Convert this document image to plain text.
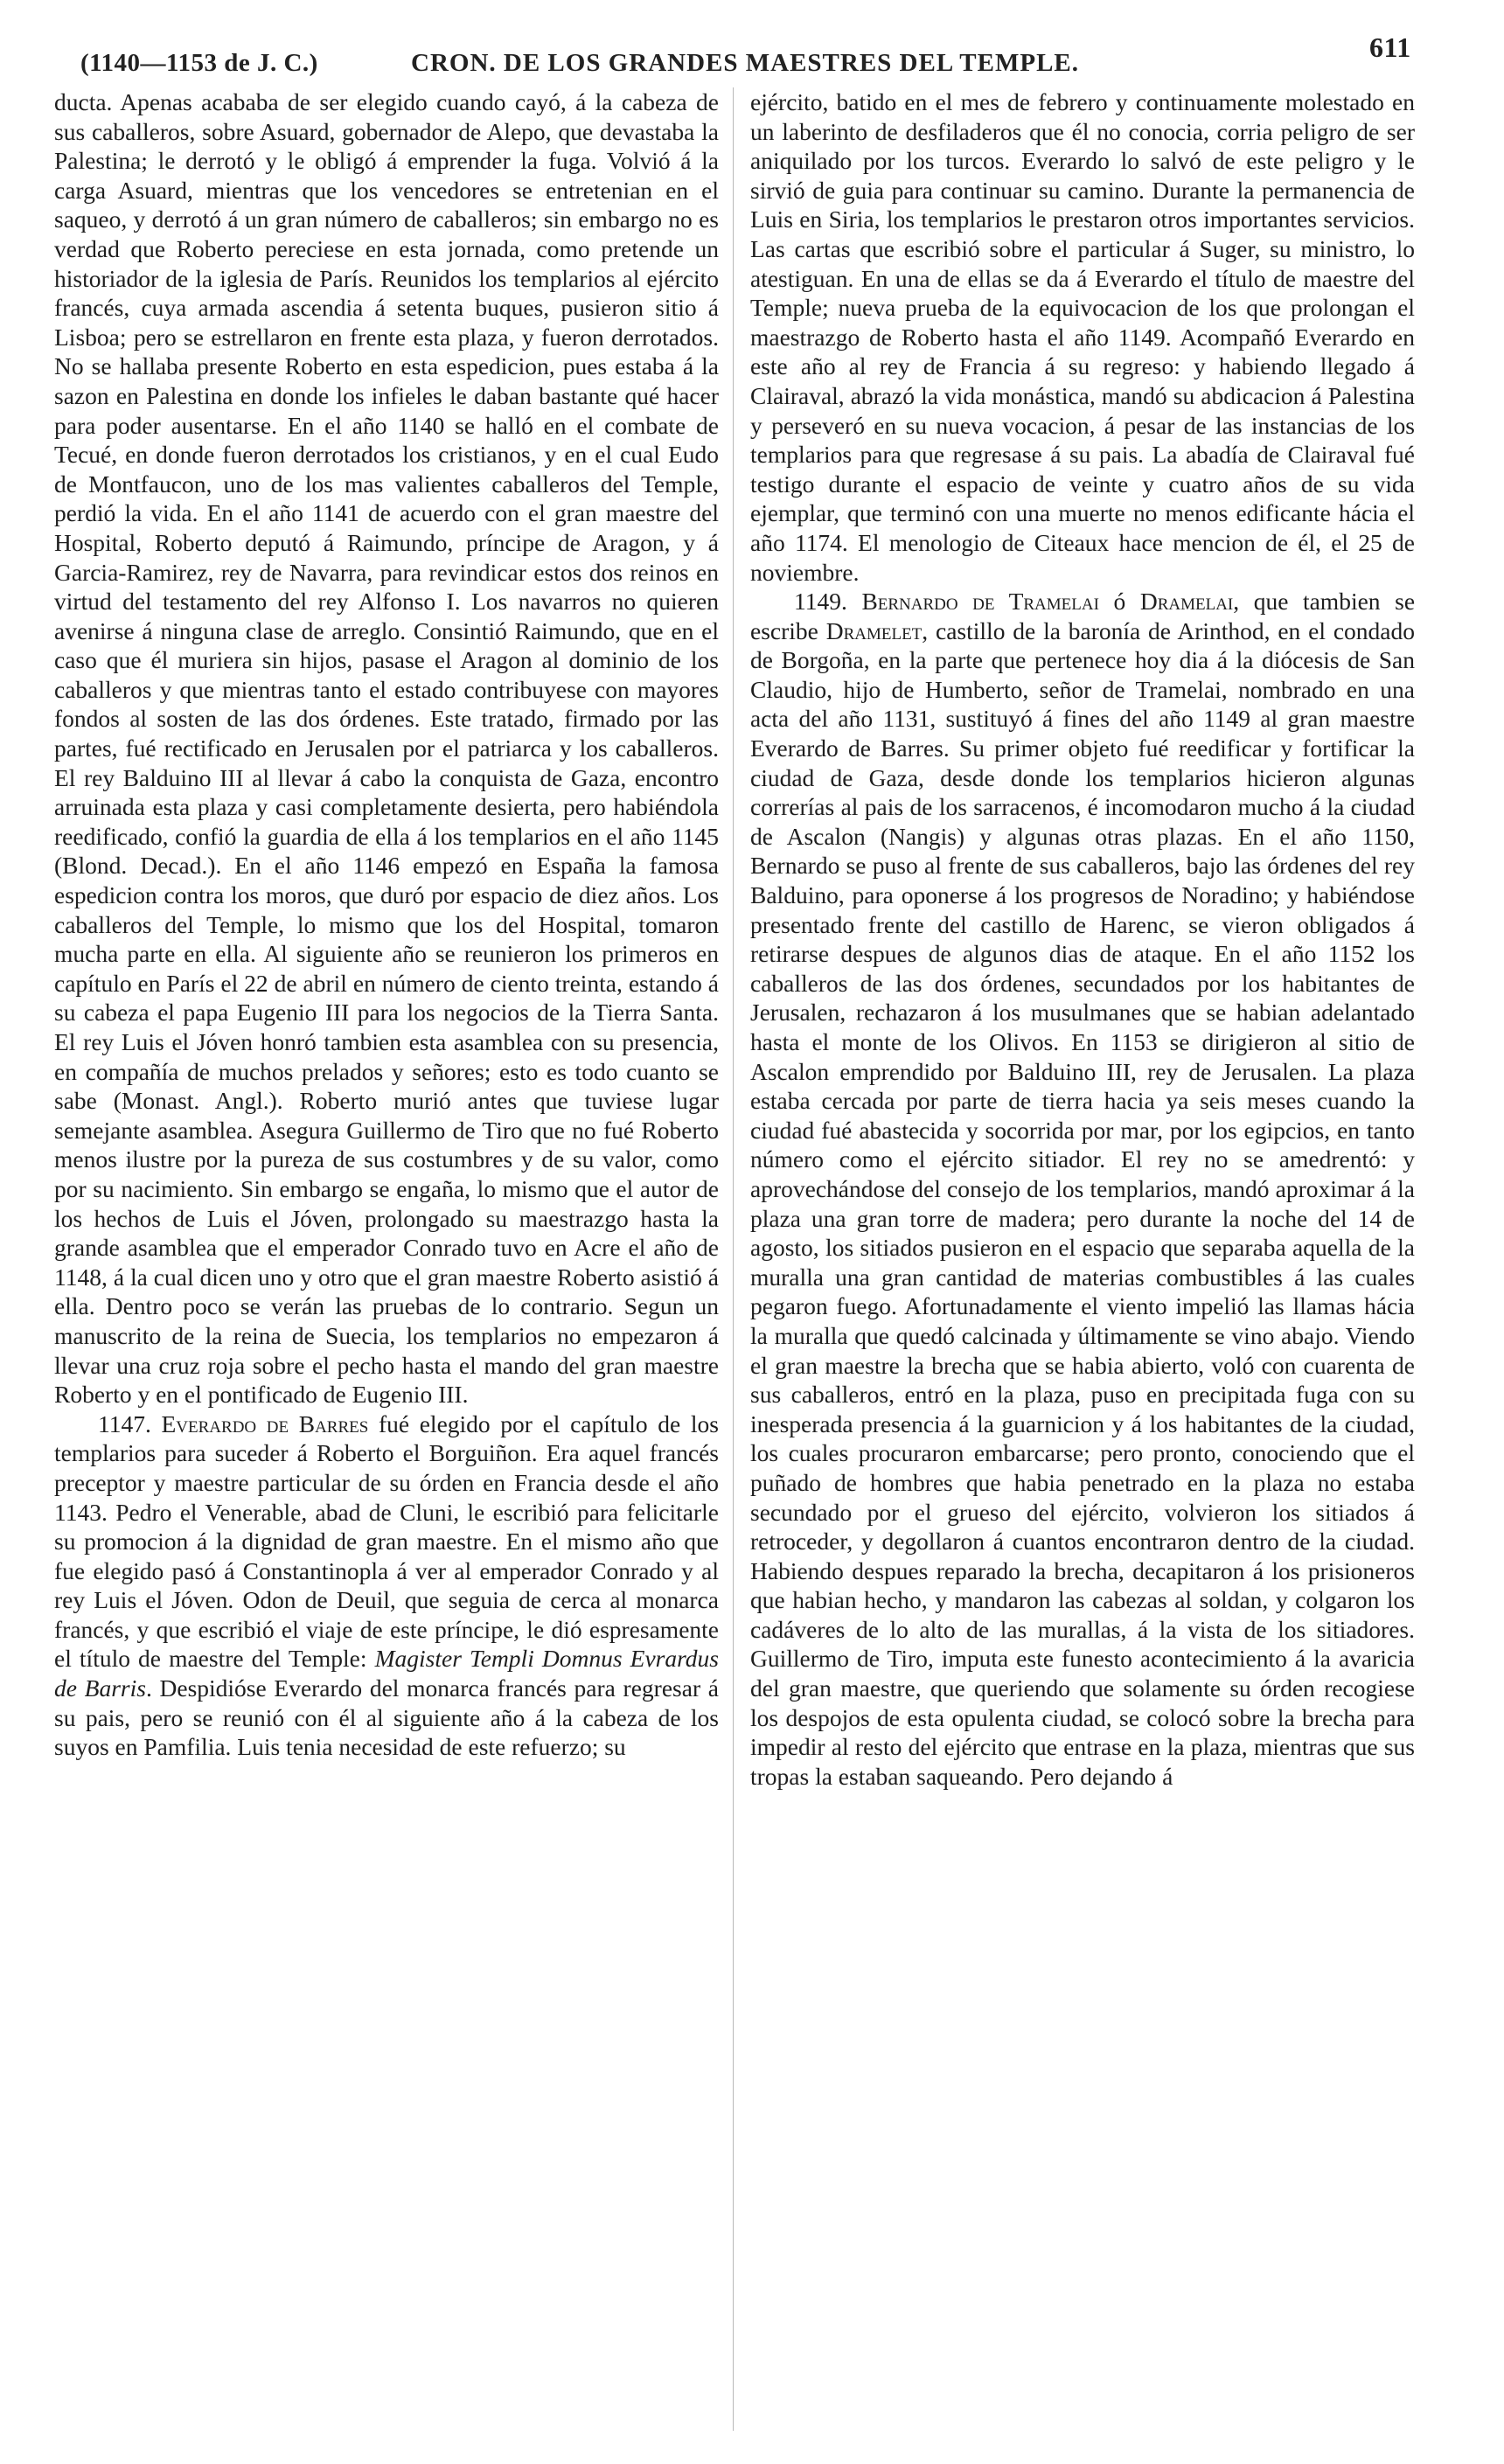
(1140—1153 de J. C.)	CRON. DE LOS GRANDES MAESTRES DEL TEMPLE.	611

ducta. Apenas acababa de ser elegido cuando cayó, á la cabeza de sus caballeros, sobre Asuard, gobernador de Alepo, que devastaba la Palestina; le derrotó y le obligó á emprender la fuga. Volvió á la carga Asuard, mientras que los vencedores se entretenian en el saqueo, y derrotó á un gran número de caballeros; sin embargo no es verdad que Roberto pereciese en esta jornada, como pretende un historiador de la iglesia de París. Reunidos los templarios al ejército francés, cuya armada ascendia á setenta buques, pusieron sitio á Lisboa; pero se estrellaron en frente esta plaza, y fueron derrotados. No se hallaba presente Roberto en esta espedicion, pues estaba á la sazon en Palestina en donde los infieles le daban bastante qué hacer para poder ausentarse. En el año 1140 se halló en el combate de Tecué, en donde fueron derrotados los cristianos, y en el cual Eudo de Montfaucon, uno de los mas valientes caballeros del Temple, perdió la vida. En el año 1141 de acuerdo con el gran maestre del Hospital, Roberto deputó á Raimundo, príncipe de Aragon, y á Garcia-Ramirez, rey de Navarra, para revindicar estos dos reinos en virtud del testamento del rey Alfonso I. Los navarros no quieren avenirse á ninguna clase de arreglo. Consintió Raimundo, que en el caso que él muriera sin hijos, pasase el Aragon al dominio de los caballeros y que mientras tanto el estado contribuyese con mayores fondos al sosten de las dos órdenes. Este tratado, firmado por las partes, fué rectificado en Jerusalen por el patriarca y los caballeros. El rey Balduino III al llevar á cabo la conquista de Gaza, encontro arruinada esta plaza y casi completamente desierta, pero habiéndola reedificado, confió la guardia de ella á los templarios en el año 1145 (Blond. Decad.). En el año 1146 empezó en España la famosa espedicion contra los moros, que duró por espacio de diez años. Los caballeros del Temple, lo mismo que los del Hospital, tomaron mucha parte en ella. Al siguiente año se reunieron los primeros en capítulo en París el 22 de abril en número de ciento treinta, estando á su cabeza el papa Eugenio III para los negocios de la Tierra Santa. El rey Luis el Jóven honró tambien esta asamblea con su presencia, en compañía de muchos prelados y señores; esto es todo cuanto se sabe (Monast. Angl.). Roberto murió antes que tuviese lugar semejante asamblea. Asegura Guillermo de Tiro que no fué Roberto menos ilustre por la pureza de sus costumbres y de su valor, como por su nacimiento. Sin embargo se engaña, lo mismo que el autor de los hechos de Luis el Jóven, prolongado su maestrazgo hasta la grande asamblea que el emperador Conrado tuvo en Acre el año de 1148, á la cual dicen uno y otro que el gran maestre Roberto asistió á ella. Dentro poco se verán las pruebas de lo contrario. Segun un manuscrito de la reina de Suecia, los templarios no empezaron á llevar una cruz roja sobre el pecho hasta el mando del gran maestre Roberto y en el pontificado de Eugenio III.

1147. Everardo de Barres fué elegido por el capítulo de los templarios para suceder á Roberto el Borguiñon. Era aquel francés preceptor y maestre particular de su órden en Francia desde el año 1143. Pedro el Venerable, abad de Cluni, le escribió para felicitarle su promocion á la dignidad de gran maestre. En el mismo año que fue elegido pasó á Constantinopla á ver al emperador Conrado y al rey Luis el Jóven. Odon de Deuil, que seguia de cerca al monarca francés, y que escribió el viaje de este príncipe, le dió espresamente el título de maestre del Temple: Magister Templi Domnus Evrardus de Barris. Despidióse Everardo del monarca francés para regresar á su pais, pero se reunió con él al siguiente año á la cabeza de los suyos en Pamfilia. Luis tenia necesidad de este refuerzo; su

ejército, batido en el mes de febrero y continuamente molestado en un laberinto de desfiladeros que él no conocia, corria peligro de ser aniquilado por los turcos. Everardo lo salvó de este peligro y le sirvió de guia para continuar su camino. Durante la permanencia de Luis en Siria, los templarios le prestaron otros importantes servicios. Las cartas que escribió sobre el particular á Suger, su ministro, lo atestiguan. En una de ellas se da á Everardo el título de maestre del Temple; nueva prueba de la equivocacion de los que prolongan el maestrazgo de Roberto hasta el año 1149. Acompañó Everardo en este año al rey de Francia á su regreso: y habiendo llegado á Clairaval, abrazó la vida monástica, mandó su abdicacion á Palestina y perseveró en su nueva vocacion, á pesar de las instancias de los templarios para que regresase á su pais. La abadía de Clairaval fué testigo durante el espacio de veinte y cuatro años de su vida ejemplar, que terminó con una muerte no menos edificante hácia el año 1174. El menologio de Citeaux hace mencion de él, el 25 de noviembre.

1149. Bernardo de Tramelai ó Dramelai, que tambien se escribe Dramelet, castillo de la baronía de Arinthod, en el condado de Borgoña, en la parte que pertenece hoy dia á la diócesis de San Claudio, hijo de Humberto, señor de Tramelai, nombrado en una acta del año 1131, sustituyó á fines del año 1149 al gran maestre Everardo de Barres. Su primer objeto fué reedificar y fortificar la ciudad de Gaza, desde donde los templarios hicieron algunas correrías al pais de los sarracenos, é incomodaron mucho á la ciudad de Ascalon (Nangis) y algunas otras plazas. En el año 1150, Bernardo se puso al frente de sus caballeros, bajo las órdenes del rey Balduino, para oponerse á los progresos de Noradino; y habiéndose presentado frente del castillo de Harenc, se vieron obligados á retirarse despues de algunos dias de ataque. En el año 1152 los caballeros de las dos órdenes, secundados por los habitantes de Jerusalen, rechazaron á los musulmanes que se habian adelantado hasta el monte de los Olivos. En 1153 se dirigieron al sitio de Ascalon emprendido por Balduino III, rey de Jerusalen. La plaza estaba cercada por parte de tierra hacia ya seis meses cuando la ciudad fué abastecida y socorrida por mar, por los egipcios, en tanto número como el ejército sitiador. El rey no se amedrentó: y aprovechándose del consejo de los templarios, mandó aproximar á la plaza una gran torre de madera; pero durante la noche del 14 de agosto, los sitiados pusieron en el espacio que separaba aquella de la muralla una gran cantidad de materias combustibles á las cuales pegaron fuego. Afortunadamente el viento impelió las llamas hácia la muralla que quedó calcinada y últimamente se vino abajo. Viendo el gran maestre la brecha que se habia abierto, voló con cuarenta de sus caballeros, entró en la plaza, puso en precipitada fuga con su inesperada presencia á la guarnicion y á los habitantes de la ciudad, los cuales procuraron embarcarse; pero pronto, conociendo que el puñado de hombres que habia penetrado en la plaza no estaba secundado por el grueso del ejército, volvieron los sitiados á retroceder, y degollaron á cuantos encontraron dentro de la ciudad. Habiendo despues reparado la brecha, decapitaron á los prisioneros que habian hecho, y mandaron las cabezas al soldan, y colgaron los cadáveres de lo alto de las murallas, á la vista de los sitiadores. Guillermo de Tiro, imputa este funesto acontecimiento á la avaricia del gran maestre, que queriendo que solamente su órden recogiese los despojos de esta opulenta ciudad, se colocó sobre la brecha para impedir al resto del ejército que entrase en la plaza, mientras que sus tropas la estaban saqueando. Pero dejando á
